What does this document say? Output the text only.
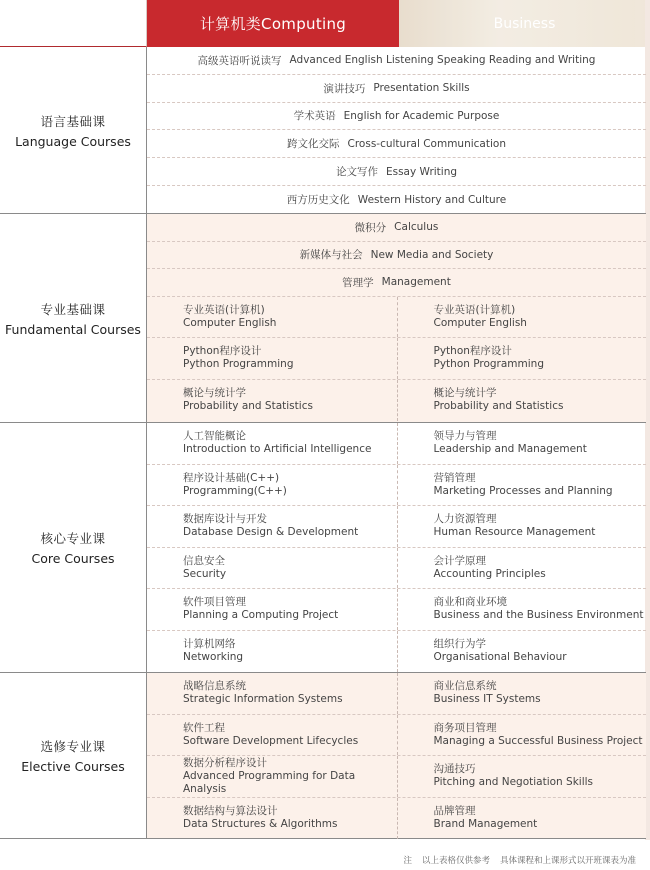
计算机类Computing	Business
语言基础课
Language Courses
高级英语听说读写 Advanced English Listening Speaking Reading and Writing
演讲技巧 Presentation Skills
学术英语 English for Academic Purpose
跨文化交际 Cross-cultural Communication
论文写作 Essay Writing
西方历史文化 Western History and Culture
专业基础课
Fundamental Courses
微积分 Calculus
新媒体与社会 New Media and Society
管理学 Management
专业英语(计算机)
Computer English
专业英语(计算机)
Computer English
Python程序设计
Python Programming
Python程序设计
Python Programming
概论与统计学
Probability and Statistics
概论与统计学
Probability and Statistics
核心专业课
Core Courses
人工智能概论
Introduction to Artificial Intelligence
领导力与管理
Leadership and Management
程序设计基础(C++)
Programming(C++)
营销管理
Marketing Processes and Planning
数据库设计与开发
Database Design & Development
人力资源管理
Human Resource Management
信息安全
Security
会计学原理
Accounting Principles
软件项目管理
Planning a Computing Project
商业和商业环境
Business and the Business Environment
计算机网络
Networking
组织行为学
Organisational Behaviour
选修专业课
Elective Courses
战略信息系统
Strategic Information Systems
商业信息系统
Business IT Systems
软件工程
Software Development Lifecycles
商务项目管理
Managing a Successful Business Project
数据分析程序设计
Advanced Programming for Data Analysis
沟通技巧
Pitching and Negotiation Skills
数据结构与算法设计
Data Structures & Algorithms
品牌管理
Brand Management
注 以上表格仅供参考 具体课程和上课形式以开班课表为准
